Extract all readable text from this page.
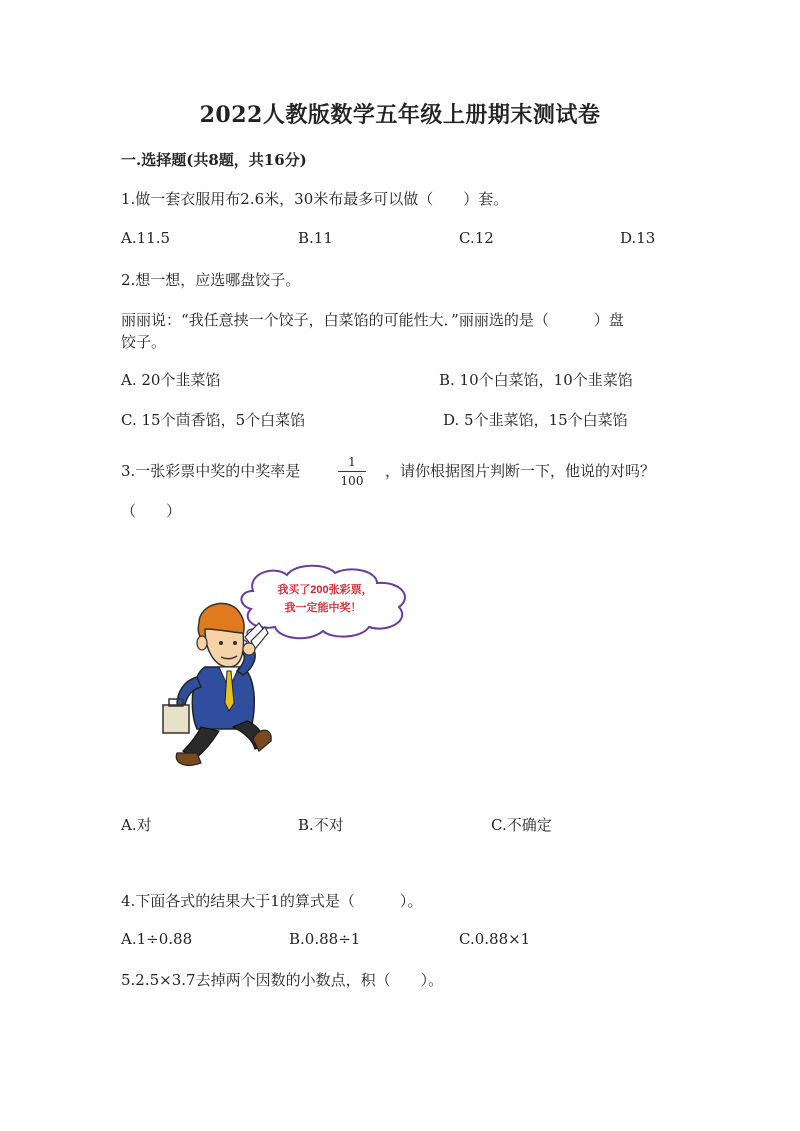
2022人教版数学五年级上册期末测试卷
一.选择题(共8题，共16分)
1.做一套衣服用布2.6米，30米布最多可以做（　　）套。
A.11.5	B.11	C.12	D.13
2.想一想，应选哪盘饺子。
丽丽说：“我任意挟一个饺子，白菜馅的可能性大．”丽丽选的是（　　　）盘
饺子。
A. 20个韭菜馅	B. 10个白菜馅，10个韭菜馅
C. 15个茴香馅，5个白菜馅	D. 5个韭菜馅，15个白菜馅
3.一张彩票中奖的中奖率是	1
100
，请你根据图片判断一下，他说的对吗？
（　　）
我买了200张彩票，
我一定能中奖！
A.对	B.不对	C.不确定
4.下面各式的结果大于1的算式是（　　　）。
A.1÷0.88	B.0.88÷1	C.0.88×1
5.2.5×3.7去掉两个因数的小数点，积（　　）。
